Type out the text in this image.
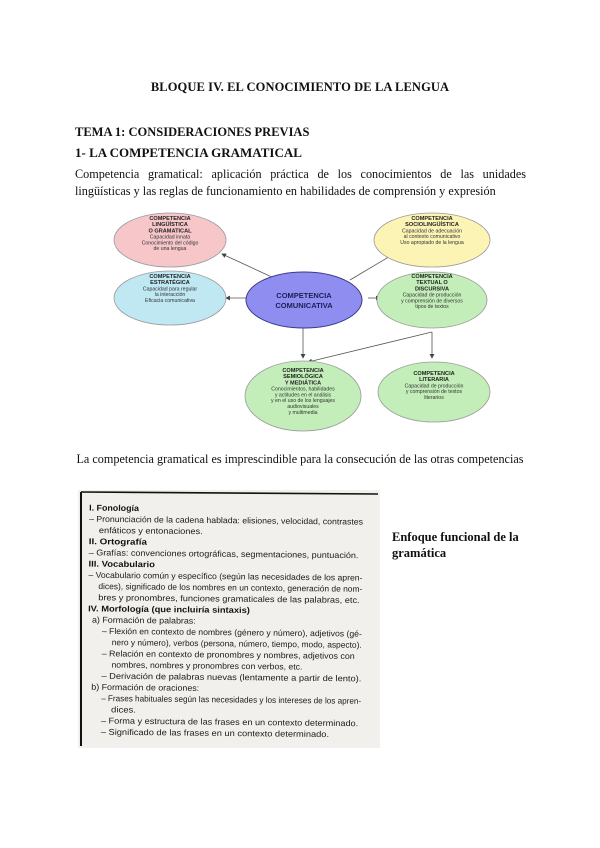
BLOQUE IV. EL CONOCIMIENTO DE LA LENGUA
TEMA 1: CONSIDERACIONES PREVIAS
1- LA COMPETENCIA GRAMATICAL
Competencia gramatical: aplicación práctica de los conocimientos de las unidades
lingüísticas y las reglas de funcionamiento en habilidades de comprensión y expresión
COMPETENCIA
LINGÜÍSTICA
O GRAMATICAL
Capacidad innata
Conocimiento del código
de una lengua
COMPETENCIA
SOCIOLINGÜÍSTICA
Capacidad de adecuación
al contexto comunicativo
Uso apropiado de la lengua
COMPETENCIA
ESTRATÉGICA
Capacidad para regular
la interacción
Eficacia comunicativa
COMPETENCIA
TEXTUAL O
DISCURSIVA
Capacidad de producción
y comprensión de diversos
tipos de textos
COMPETENCIA
SEMIOLÓGICA
Y MEDIÁTICA
Conocimientos, habilidades
y actitudes en el análisis
y en el uso de los lenguajes
audiovisuales
y multimedia
COMPETENCIA
LITERARIA
Capacidad de producción
y comprensión de textos
literarios
COMPETENCIA
COMUNICATIVA
La competencia gramatical es imprescindible para la consecución de las otras competencias
I. Fonología
– Pronunciación de la cadena hablada: elisiones, velocidad, contrastes
enfáticos y entonaciones.
II. Ortografía
– Grafías: convenciones ortográficas, segmentaciones, puntuación.
III. Vocabulario
– Vocabulario común y específico (según las necesidades de los apren-
dices), significado de los nombres en un contexto, generación de nom-
bres y pronombres, funciones gramaticales de las palabras, etc.
IV. Morfología (que incluiría sintaxis)
a) Formación de palabras:
– Flexión en contexto de nombres (género y número), adjetivos (gé-
nero y número), verbos (persona, número, tiempo, modo, aspecto).
– Relación en contexto de pronombres y nombres, adjetivos con
nombres, nombres y pronombres con verbos, etc.
– Derivación de palabras nuevas (lentamente a partir de lento).
b) Formación de oraciones:
– Frases habituales según las necesidades y los intereses de los apren-
dices.
– Forma y estructura de las frases en un contexto determinado.
– Significado de las frases en un contexto determinado.
Enfoque funcional de la
gramática
